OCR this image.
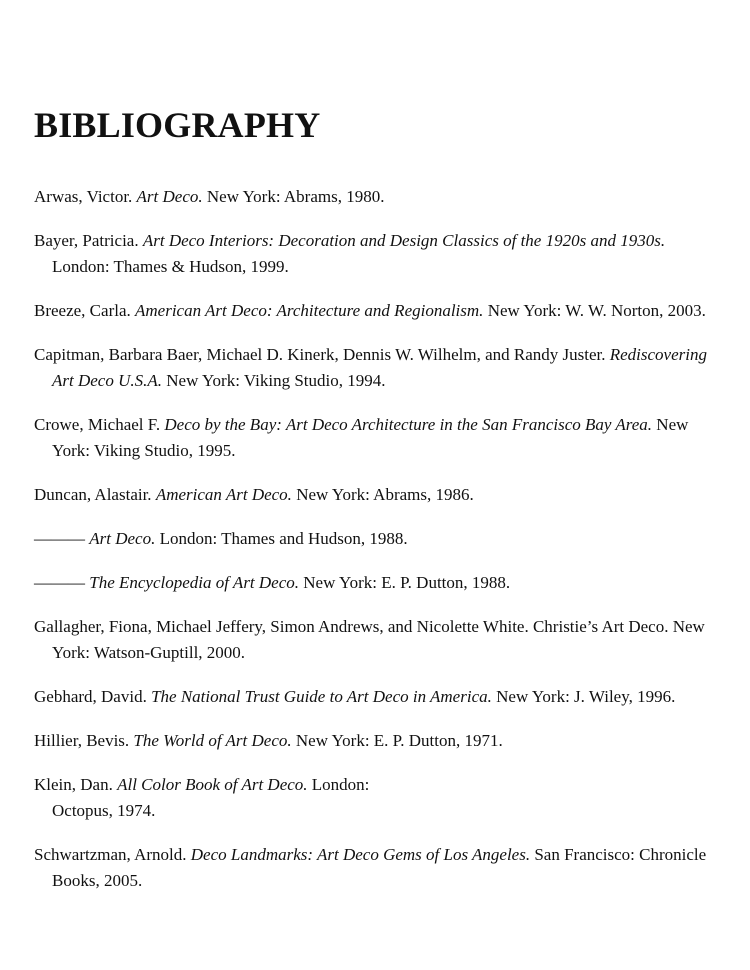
BIBLIOGRAPHY

Arwas, Victor. Art Deco. New York: Abrams, 1980.

Bayer, Patricia. Art Deco Interiors: Decoration and Design Classics of the 1920s and 1930s. London: Thames & Hudson, 1999.

Breeze, Carla. American Art Deco: Architecture and Regionalism. New York: W. W. Norton, 2003.

Capitman, Barbara Baer, Michael D. Kinerk, Dennis W. Wilhelm, and Randy Juster. Rediscovering Art Deco U.S.A. New York: Viking Studio, 1994.

Crowe, Michael F. Deco by the Bay: Art Deco Architecture in the San Francisco Bay Area. New York: Viking Studio, 1995.

Duncan, Alastair. American Art Deco. New York: Abrams, 1986.

——— Art Deco. London: Thames and Hudson, 1988.

——— The Encyclopedia of Art Deco. New York: E. P. Dutton, 1988.

Gallagher, Fiona, Michael Jeffery, Simon Andrews, and Nicolette White. Christie’s Art Deco. New York: Watson-Guptill, 2000.

Gebhard, David. The National Trust Guide to Art Deco in America. New York: J. Wiley, 1996.

Hillier, Bevis. The World of Art Deco. New York: E. P. Dutton, 1971.

Klein, Dan. All Color Book of Art Deco. London: Octopus, 1974.

Schwartzman, Arnold. Deco Landmarks: Art Deco Gems of Los Angeles. San Francisco: Chronicle Books, 2005.
